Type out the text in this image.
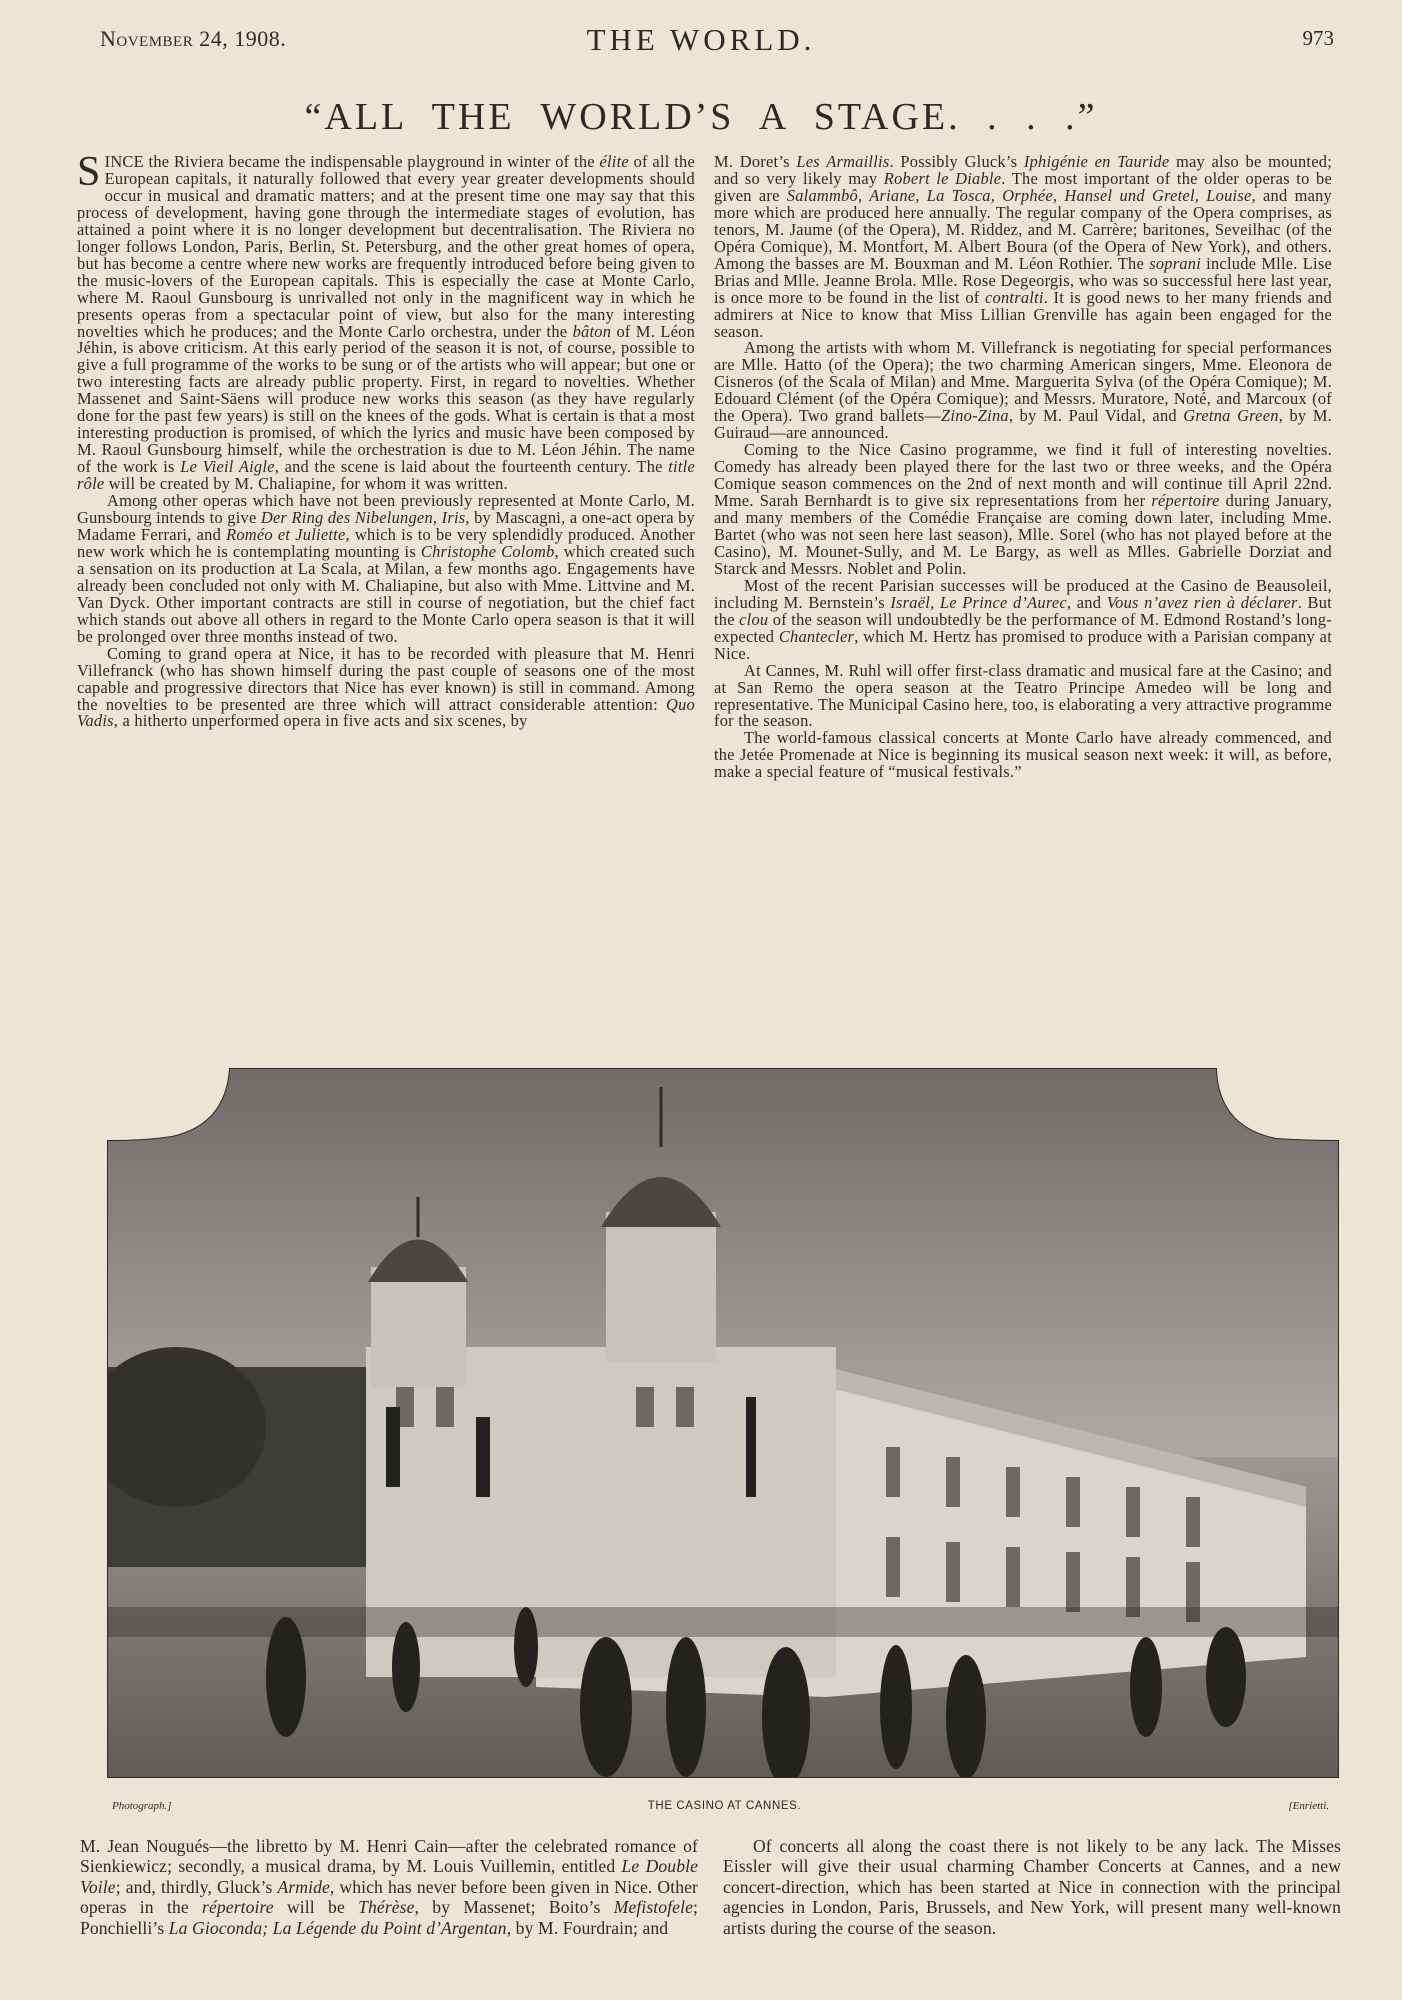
November 24, 1908.	THE WORLD.	973
“ALL THE WORLD’S A STAGE. . . .”

SINCE the Riviera became the indispensable playground in winter of the élite of all the European capitals, it naturally followed that every year greater developments should occur in musical and dramatic matters; and at the present time one may say that this process of development, having gone through the intermediate stages of evolution, has attained a point where it is no longer development but decentralisation. The Riviera no longer follows London, Paris, Berlin, St. Petersburg, and the other great homes of opera, but has become a centre where new works are frequently introduced before being given to the music-lovers of the European capitals. This is especially the case at Monte Carlo, where M. Raoul Gunsbourg is unrivalled not only in the magnificent way in which he presents operas from a spectacular point of view, but also for the many interesting novelties which he produces; and the Monte Carlo orchestra, under the bâton of M. Léon Jéhin, is above criticism. At this early period of the season it is not, of course, possible to give a full programme of the works to be sung or of the artists who will appear; but one or two interesting facts are already public property. First, in regard to novelties. Whether Massenet and Saint-Säens will produce new works this season (as they have regularly done for the past few years) is still on the knees of the gods. What is certain is that a most interesting production is promised, of which the lyrics and music have been composed by M. Raoul Gunsbourg himself, while the orchestration is due to M. Léon Jéhin. The name of the work is Le Vieil Aigle, and the scene is laid about the fourteenth century. The title rôle will be created by M. Chaliapine, for whom it was written.

Among other operas which have not been previously represented at Monte Carlo, M. Gunsbourg intends to give Der Ring des Nibelungen, Iris, by Mascagni, a one-act opera by Madame Ferrari, and Roméo et Juliette, which is to be very splendidly produced. Another new work which he is contemplating mounting is Christophe Colomb, which created such a sensation on its production at La Scala, at Milan, a few months ago. Engagements have already been concluded not only with M. Chaliapine, but also with Mme. Littvine and M. Van Dyck. Other important contracts are still in course of negotiation, but the chief fact which stands out above all others in regard to the Monte Carlo opera season is that it will be prolonged over three months instead of two.

Coming to grand opera at Nice, it has to be recorded with pleasure that M. Henri Villefranck (who has shown himself during the past couple of seasons one of the most capable and progressive directors that Nice has ever known) is still in command. Among the novelties to be presented are three which will attract considerable attention: Quo Vadis, a hitherto unperformed opera in five acts and six scenes, by

M. Doret’s Les Armaillis. Possibly Gluck’s Iphigénie en Tauride may also be mounted; and so very likely may Robert le Diable. The most important of the older operas to be given are Salammbô, Ariane, La Tosca, Orphée, Hansel und Gretel, Louise, and many more which are produced here annually. The regular company of the Opera comprises, as tenors, M. Jaume (of the Opera), M. Riddez, and M. Carrère; baritones, Seveilhac (of the Opéra Comique), M. Montfort, M. Albert Boura (of the Opera of New York), and others. Among the basses are M. Bouxman and M. Léon Rothier. The soprani include Mlle. Lise Brias and Mlle. Jeanne Brola. Mlle. Rose Degeorgis, who was so successful here last year, is once more to be found in the list of contralti. It is good news to her many friends and admirers at Nice to know that Miss Lillian Grenville has again been engaged for the season.

Among the artists with whom M. Villefranck is negotiating for special performances are Mlle. Hatto (of the Opera); the two charming American singers, Mme. Eleonora de Cisneros (of the Scala of Milan) and Mme. Marguerita Sylva (of the Opéra Comique); M. Edouard Clément (of the Opéra Comique); and Messrs. Muratore, Noté, and Marcoux (of the Opera). Two grand ballets—Zino-Zina, by M. Paul Vidal, and Gretna Green, by M. Guiraud—are announced.

Coming to the Nice Casino programme, we find it full of interesting novelties. Comedy has already been played there for the last two or three weeks, and the Opéra Comique season commences on the 2nd of next month and will continue till April 22nd. Mme. Sarah Bernhardt is to give six representations from her répertoire during January, and many members of the Comédie Française are coming down later, including Mme. Bartet (who was not seen here last season), Mlle. Sorel (who has not played before at the Casino), M. Mounet-Sully, and M. Le Bargy, as well as Mlles. Gabrielle Dorziat and Starck and Messrs. Noblet and Polin.

Most of the recent Parisian successes will be produced at the Casino de Beausoleil, including M. Bernstein’s Israël, Le Prince d’Aurec, and Vous n’avez rien à déclarer. But the clou of the season will undoubtedly be the performance of M. Edmond Rostand’s long-expected Chantecler, which M. Hertz has promised to produce with a Parisian company at Nice.

At Cannes, M. Ruhl will offer first-class dramatic and musical fare at the Casino; and at San Remo the opera season at the Teatro Principe Amedeo will be long and representative. The Municipal Casino here, too, is elaborating a very attractive programme for the season.

The world-famous classical concerts at Monte Carlo have already commenced, and the Jetée Promenade at Nice is beginning its musical season next week: it will, as before, make a special feature of “musical festivals.”

Photograph.]	THE CASINO AT CANNES.	[Enrietti.

M. Jean Nougués—the libretto by M. Henri Cain—after the celebrated romance of Sienkiewicz; secondly, a musical drama, by M. Louis Vuillemin, entitled Le Double Voile; and, thirdly, Gluck’s Armide, which has never before been given in Nice. Other operas in the répertoire will be Thérèse, by Massenet; Boito’s Mefistofele; Ponchielli’s La Gioconda; La Légende du Point d’Argentan, by M. Fourdrain; and

Of concerts all along the coast there is not likely to be any lack. The Misses Eissler will give their usual charming Chamber Concerts at Cannes, and a new concert-direction, which has been started at Nice in connection with the principal agencies in London, Paris, Brussels, and New York, will present many well-known artists during the course of the season.
